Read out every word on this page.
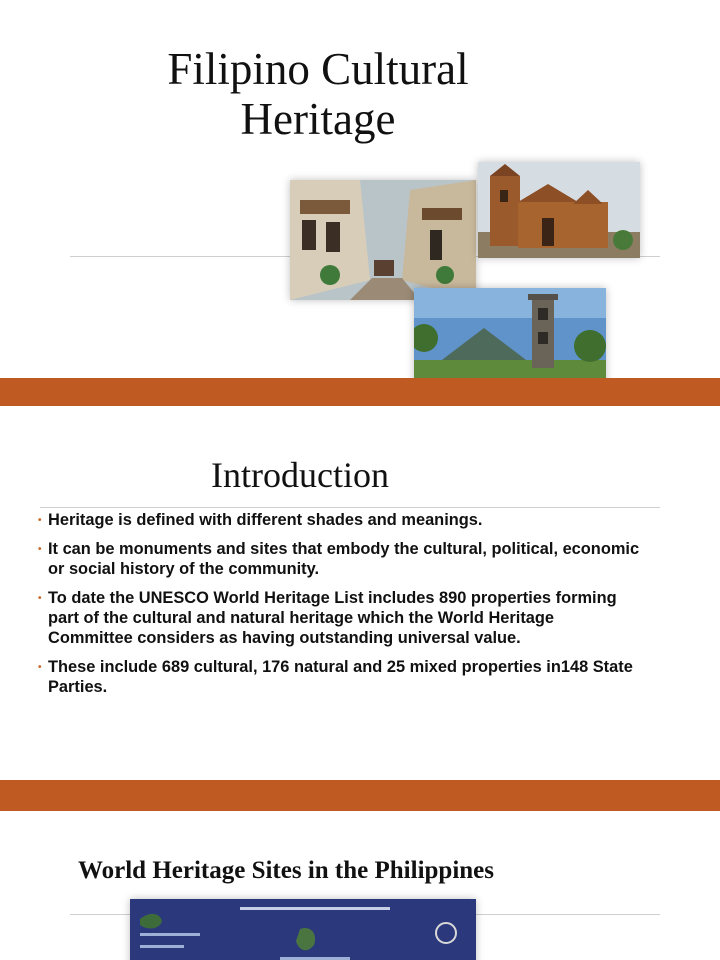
Filipino Cultural
Heritage
Introduction
• Heritage is defined with different shades and meanings.
• It can be monuments and sites that embody the cultural, political, economic or social history of the community.
• To date the UNESCO World Heritage List includes 890 properties forming part of the cultural and natural heritage which the World Heritage Committee considers as having outstanding universal value.
• These include 689 cultural, 176 natural and 25 mixed properties in148 State Parties.
World Heritage Sites in the Philippines
